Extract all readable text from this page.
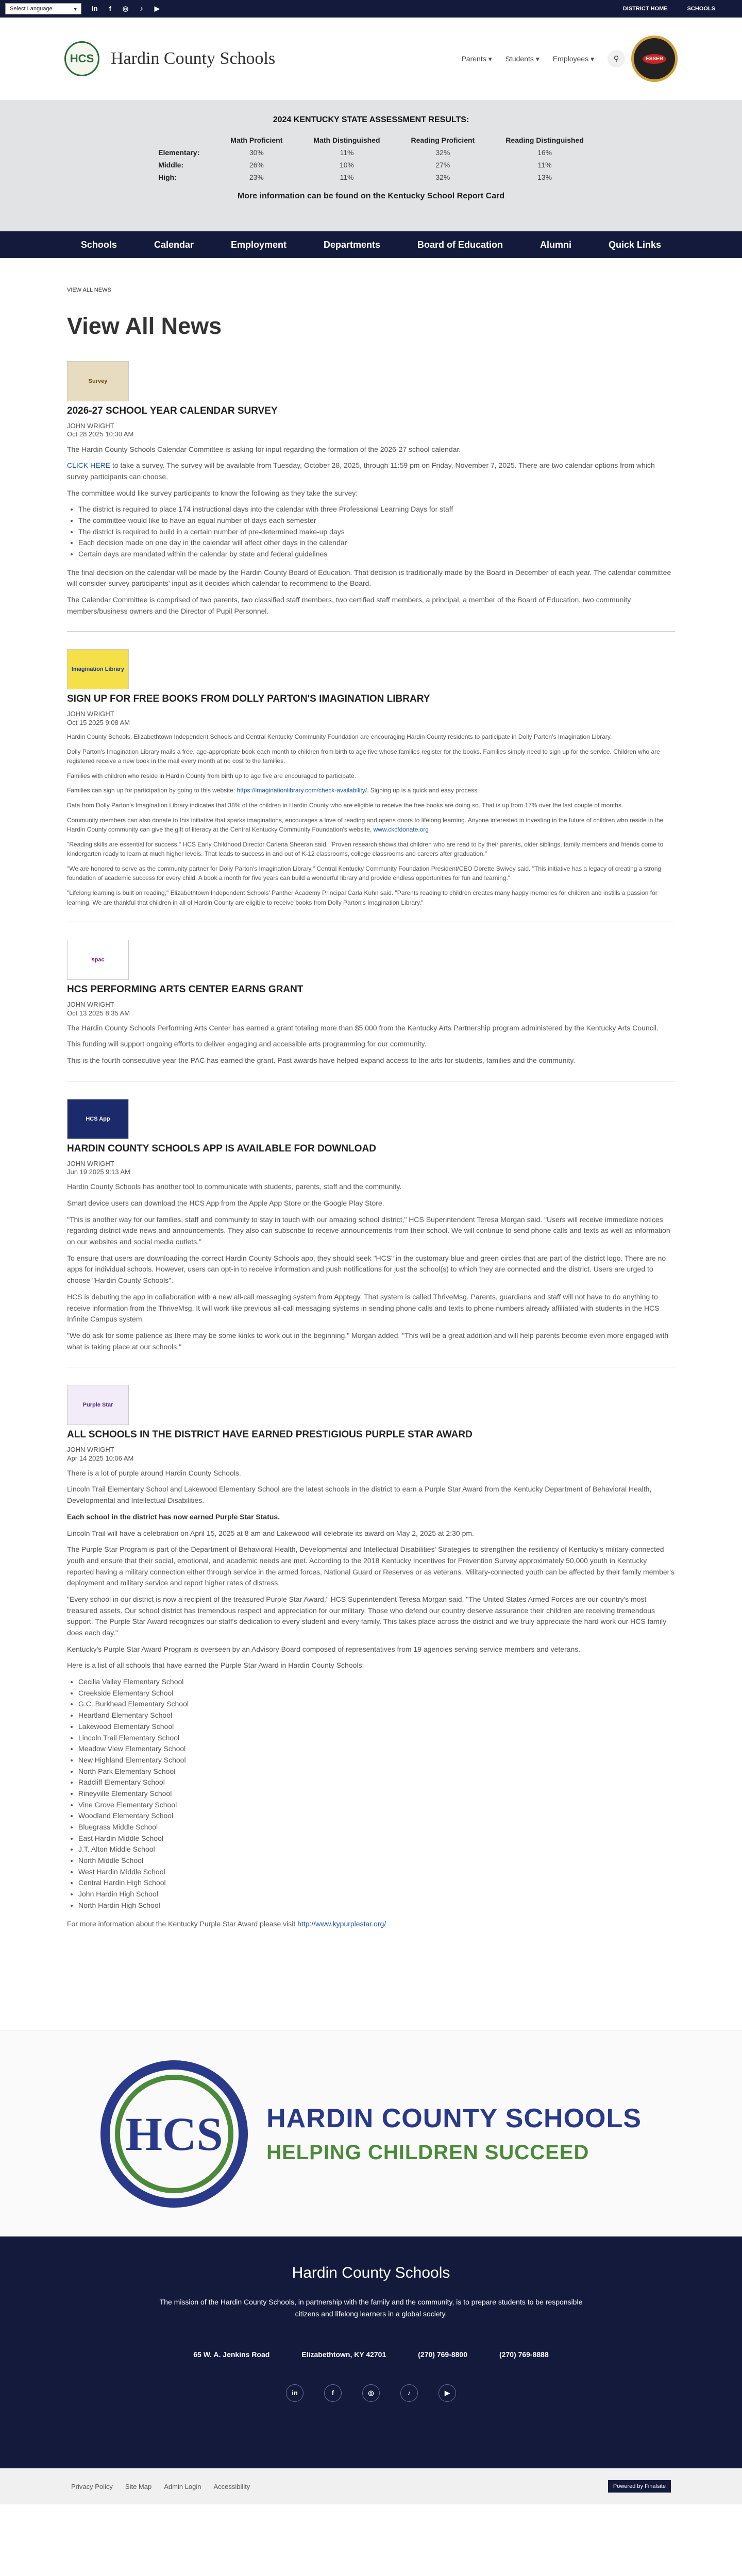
Select Language	▾ in f ◎ ♪ ▶	DISTRICT HOME	SCHOOLS
HCS Hardin County Schools	Parents ▾ Students ▾ Employees ▾	⚲	ESSER
2024 KENTUCKY STATE ASSESSMENT RESULTS:
	Math Proficient	Math Distinguished	Reading Proficient	Reading Distinguished
Elementary:	30%	11%	32%	16%
Middle:	26%	10%	27%	11%
High:	23%	11%	32%	13%
More information can be found on the Kentucky School Report Card
Schools	Calendar	Employment	Departments	Board of Education	Alumni	Quick Links
VIEW ALL NEWS
View All News
Survey
2026-27 SCHOOL YEAR CALENDAR SURVEY
JOHN WRIGHT
Oct 28 2025 10:30 AM

The Hardin County Schools Calendar Committee is asking for input regarding the formation of the 2026-27 school calendar.

CLICK HERE to take a survey. The survey will be available from Tuesday, October 28, 2025, through 11:59 pm on Friday, November 7, 2025. There are two calendar options from which survey participants can choose.

The committee would like survey participants to know the following as they take the survey:

• The district is required to place 174 instructional days into the calendar with three Professional Learning Days for staff
• The committee would like to have an equal number of days each semester
• The district is required to build in a certain number of pre-determined make-up days
• Each decision made on one day in the calendar will affect other days in the calendar
• Certain days are mandated within the calendar by state and federal guidelines

The final decision on the calendar will be made by the Hardin County Board of Education. That decision is traditionally made by the Board in December of each year. The calendar committee will consider survey participants' input as it decides which calendar to recommend to the Board.

The Calendar Committee is comprised of two parents, two classified staff members, two certified staff members, a principal, a member of the Board of Education, two community members/business owners and the Director of Pupil Personnel.

Imagination Library
SIGN UP FOR FREE BOOKS FROM DOLLY PARTON'S IMAGINATION LIBRARY
JOHN WRIGHT
Oct 15 2025 9:08 AM

Hardin County Schools, Elizabethtown Independent Schools and Central Kentucky Community Foundation are encouraging Hardin County residents to participate in Dolly Parton's Imagination Library.

Dolly Parton's Imagination Library mails a free, age-appropriate book each month to children from birth to age five whose families register for the books. Families simply need to sign up for the service. Children who are registered receive a new book in the mail every month at no cost to the families.

Families with children who reside in Hardin County from birth up to age five are encouraged to participate.

Families can sign up for participation by going to this website: https://imaginationlibrary.com/check-availability/. Signing up is a quick and easy process.

Data from Dolly Parton's Imagination Library indicates that 38% of the children in Hardin County who are eligible to receive the free books are doing so. That is up from 17% over the last couple of months.

Community members can also donate to this initiative that sparks imaginations, encourages a love of reading and opens doors to lifelong learning. Anyone interested in investing in the future of children who reside in the Hardin County community can give the gift of literacy at the Central Kentucky Community Foundation's website, www.ckcfdonate.org

"Reading skills are essential for success," HCS Early Childhood Director Carlena Sheeran said. "Proven research shows that children who are read to by their parents, older siblings, family members and friends come to kindergarten ready to learn at much higher levels. That leads to success in and out of K-12 classrooms, college classrooms and careers after graduation."

"We are honored to serve as the community partner for Dolly Parton's Imagination Library," Central Kentucky Community Foundation President/CEO Dorette Swivey said. "This initiative has a legacy of creating a strong foundation of academic success for every child. A book a month for five years can build a wonderful library and provide endless opportunities for fun and learning."

"Lifelong learning is built on reading," Elizabethtown Independent Schools' Panther Academy Principal Carla Kuhn said. "Parents reading to children creates many happy memories for children and instills a passion for learning. We are thankful that children in all of Hardin County are eligible to receive books from Dolly Parton's Imagination Library."

spac
HCS PERFORMING ARTS CENTER EARNS GRANT
JOHN WRIGHT
Oct 13 2025 8:35 AM

The Hardin County Schools Performing Arts Center has earned a grant totaling more than $5,000 from the Kentucky Arts Partnership program administered by the Kentucky Arts Council.

This funding will support ongoing efforts to deliver engaging and accessible arts programming for our community.

This is the fourth consecutive year the PAC has earned the grant. Past awards have helped expand access to the arts for students, families and the community.

HCS App
HARDIN COUNTY SCHOOLS APP IS AVAILABLE FOR DOWNLOAD
JOHN WRIGHT
Jun 19 2025 9:13 AM

Hardin County Schools has another tool to communicate with students, parents, staff and the community.

Smart device users can download the HCS App from the Apple App Store or the Google Play Store.

"This is another way for our families, staff and community to stay in touch with our amazing school district," HCS Superintendent Teresa Morgan said. "Users will receive immediate notices regarding district-wide news and announcements. They also can subscribe to receive announcements from their school. We will continue to send phone calls and texts as well as information on our websites and social media outlets."

To ensure that users are downloading the correct Hardin County Schools app, they should seek "HCS" in the customary blue and green circles that are part of the district logo. There are no apps for individual schools. However, users can opt-in to receive information and push notifications for just the school(s) to which they are connected and the district. Users are urged to choose "Hardin County Schools".

HCS is debuting the app in collaboration with a new all-call messaging system from Apptegy. That system is called ThriveMsg. Parents, guardians and staff will not have to do anything to receive information from the ThriveMsg. It will work like previous all-call messaging systems in sending phone calls and texts to phone numbers already affiliated with students in the HCS Infinite Campus system.

"We do ask for some patience as there may be some kinks to work out in the beginning," Morgan added. "This will be a great addition and will help parents become even more engaged with what is taking place at our schools."

Purple Star
ALL SCHOOLS IN THE DISTRICT HAVE EARNED PRESTIGIOUS PURPLE STAR AWARD
JOHN WRIGHT
Apr 14 2025 10:06 AM

There is a lot of purple around Hardin County Schools.

Lincoln Trail Elementary School and Lakewood Elementary School are the latest schools in the district to earn a Purple Star Award from the Kentucky Department of Behavioral Health, Developmental and Intellectual Disabilities.

Each school in the district has now earned Purple Star Status.

Lincoln Trail will have a celebration on April 15, 2025 at 8 am and Lakewood will celebrate its award on May 2, 2025 at 2:30 pm.

The Purple Star Program is part of the Department of Behavioral Health, Developmental and Intellectual Disabilities' Strategies to strengthen the resiliency of Kentucky's military-connected youth and ensure that their social, emotional, and academic needs are met. According to the 2018 Kentucky Incentives for Prevention Survey approximately 50,000 youth in Kentucky reported having a military connection either through service in the armed forces, National Guard or Reserves or as veterans. Military-connected youth can be affected by their family member's deployment and military service and report higher rates of distress.

"Every school in our district is now a recipient of the treasured Purple Star Award," HCS Superintendent Teresa Morgan said. "The United States Armed Forces are our country's most treasured assets. Our school district has tremendous respect and appreciation for our military. Those who defend our country deserve assurance their children are receiving tremendous support. The Purple Star Award recognizes our staff's dedication to every student and every family. This takes place across the district and we truly appreciate the hard work our HCS family does each day."

Kentucky's Purple Star Award Program is overseen by an Advisory Board composed of representatives from 19 agencies serving service members and veterans.

Here is a list of all schools that have earned the Purple Star Award in Hardin County Schools:

• Cecilia Valley Elementary School
• Creekside Elementary School
• G.C. Burkhead Elementary School
• Heartland Elementary School
• Lakewood Elementary School
• Lincoln Trail Elementary School
• Meadow View Elementary School
• New Highland Elementary School
• North Park Elementary School
• Radcliff Elementary School
• Rineyville Elementary School
• Vine Grove Elementary School
• Woodland Elementary School
• Bluegrass Middle School
• East Hardin Middle School
• J.T. Alton Middle School
• North Middle School
• West Hardin Middle School
• Central Hardin High School
• John Hardin High School
• North Hardin High School

For more information about the Kentucky Purple Star Award please visit http://www.kypurplestar.org/

HCS HARDIN COUNTY SCHOOLS
HELPING CHILDREN SUCCEED
Hardin County Schools

The mission of the Hardin County Schools, in partnership with the family and the community, is to prepare students to be responsible citizens and lifelong learners in a global society.

65 W. A. Jenkins Road	Elizabethtown, KY 42701	(270) 769-8800	(270) 769-8888
in	f	◎	♪	▶
Privacy Policy Site Map Admin Login Accessibility	Powered by Finalsite
